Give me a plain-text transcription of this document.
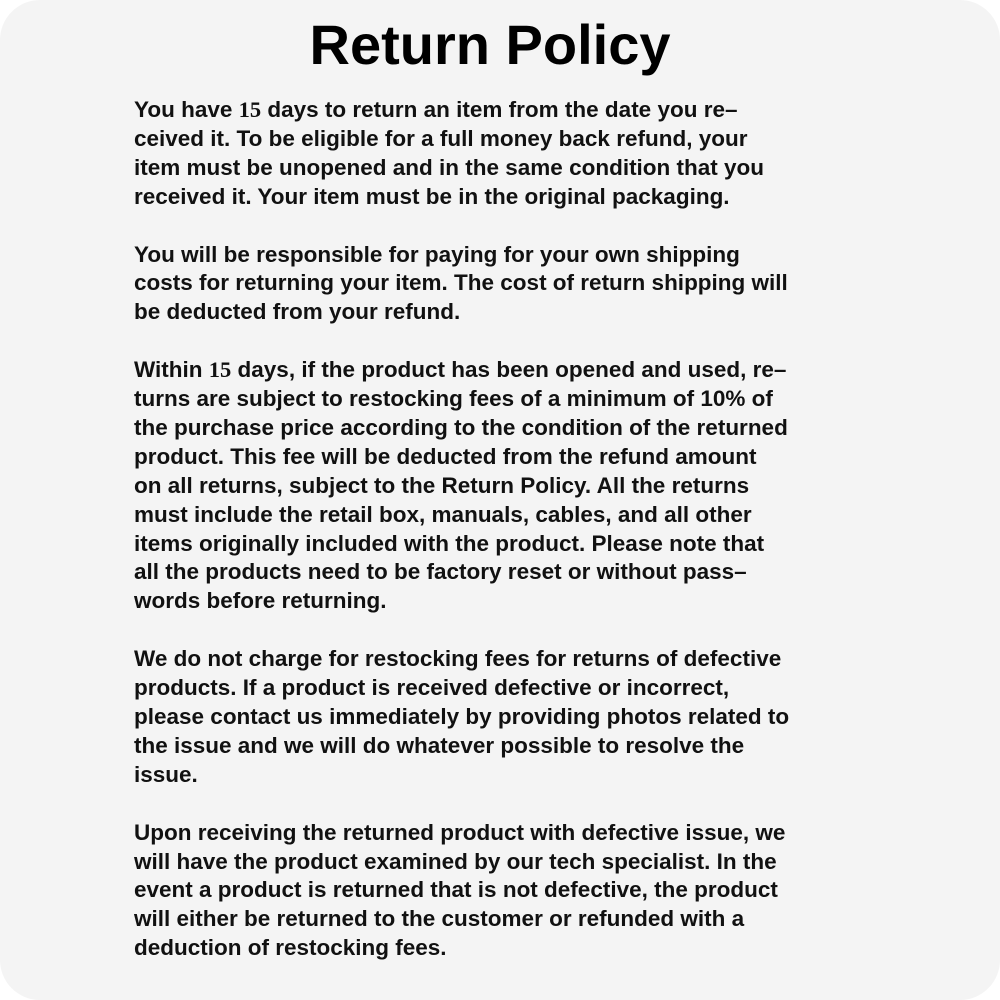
Return Policy

You have 15 days to return an item from the date you re–
ceived it. To be eligible for a full money back refund, your
item must be unopened and in the same condition that you
received it. Your item must be in the original packaging.

You will be responsible for paying for your own shipping
costs for returning your item. The cost of return shipping will
be deducted from your refund.

Within 15 days, if the product has been opened and used, re–
turns are subject to restocking fees of a minimum of 10% of
the purchase price according to the condition of the returned
product. This fee will be deducted from the refund amount
on all returns, subject to the Return Policy. All the returns
must include the retail box, manuals, cables, and all other
items originally included with the product. Please note that
all the products need to be factory reset or without pass–
words before returning.

We do not charge for restocking fees for returns of defective
products. If a product is received defective or incorrect,
please contact us immediately by providing photos related to
the issue and we will do whatever possible to resolve the
issue.

Upon receiving the returned product with defective issue, we
will have the product examined by our tech specialist. In the
event a product is returned that is not defective, the product
will either be returned to the customer or refunded with a
deduction of restocking fees.
